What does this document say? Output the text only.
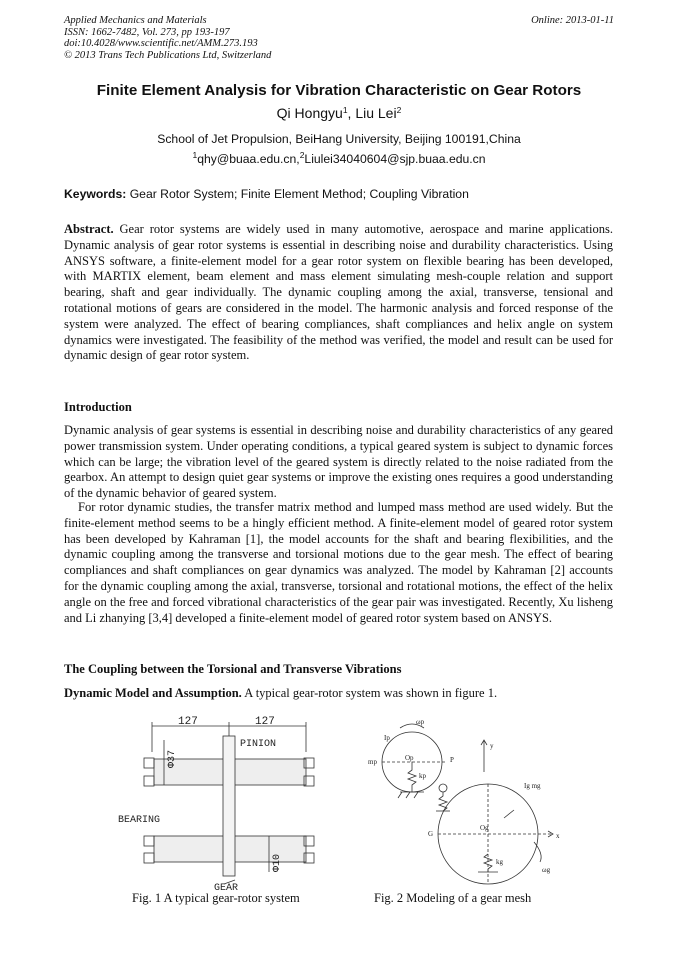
Applied Mechanics and Materials
ISSN: 1662-7482, Vol. 273, pp 193-197
doi:10.4028/www.scientific.net/AMM.273.193
© 2013 Trans Tech Publications Ltd, Switzerland
Online: 2013-01-11
Finite Element Analysis for Vibration Characteristic on Gear Rotors
Qi Hongyu$^1$, Liu Lei$^2$
School of Jet Propulsion, BeiHang University, Beijing 100191,China
$^1$qhy@buaa.edu.cn,$^2$Liulei34040604@sjp.buaa.edu.cn
Keywords: Gear Rotor System; Finite Element Method; Coupling Vibration
Abstract. Gear rotor systems are widely used in many automotive, aerospace and marine applications. Dynamic analysis of gear rotor systems is essential in describing noise and durability characteristics. Using ANSYS software, a finite-element model for a gear rotor system on flexible bearing has been developed, with MARTIX element, beam element and mass element simulating mesh-couple relation and support bearing, shaft and gear individually. The dynamic coupling among the axial, transverse, tensional and rotational motions of gears are considered in the model. The harmonic analysis and forced response of the system were analyzed. The effect of bearing compliances, shaft compliances and helix angle on system dynamics were investigated. The feasibility of the method was verified, the model and result can be used for dynamic design of gear rotor system.
Introduction
Dynamic analysis of gear systems is essential in describing noise and durability characteristics of any geared power transmission system. Under operating conditions, a typical geared system is subject to dynamic forces which can be large; the vibration level of the geared system is directly related to the noise radiated from the gearbox. An attempt to design quiet gear systems or improve the existing ones requires a good understanding of the dynamic behavior of geared system.
For rotor dynamic studies, the transfer matrix method and lumped mass method are used widely. But the finite-element method seems to be a hingly efficient method. A finite-element model of geared rotor system has been developed by Kahraman [1], the model accounts for the shaft and bearing flexibilities, and the dynamic coupling among the transverse and torsional motions due to the gear mesh. The effect of bearing compliances and shaft compliances on gear dynamics was analyzed. The model by Kahraman [2] accounts for the dynamic coupling among the axial, transverse, torsional and rotational motions, the effect of the helix angle on the free and forced vibrational characteristics of the gear pair was investigated. Recently, Xu lisheng and Li zhanying [3,4] developed a finite-element model of geared rotor system based on ANSYS.
The Coupling between the Torsional and Transverse Vibrations
Dynamic Model and Assumption. A typical gear-rotor system was shown in figure 1.
127	127
Φ37
PINION
BEARING
Φ10
GEAR
ωp
Ip
mp	Op	P
kp
y
Ig mg
G
Og
kg
x
ωg
Fig. 1 A typical gear-rotor system	Fig. 2 Modeling of a gear mesh
